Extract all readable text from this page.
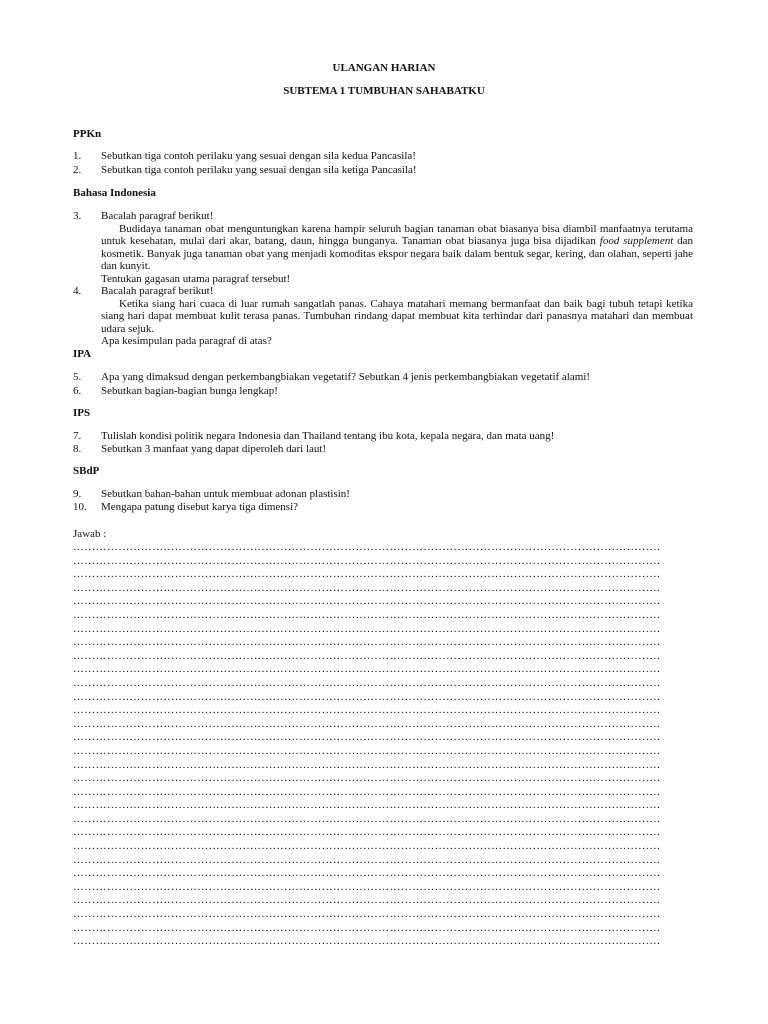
ULANGAN HARIAN
SUBTEMA 1 TUMBUHAN SAHABATKU
PPKn
1.	Sebutkan tiga contoh perilaku yang sesuai dengan sila kedua Pancasila!
2.	Sebutkan tiga contoh perilaku yang sesuai dengan sila ketiga Pancasila!
Bahasa Indonesia
3.	Bacalah paragraf berikut!
Budidaya tanaman obat menguntungkan karena hampir seluruh bagian tanaman obat biasanya bisa diambil manfaatnya terutama untuk kesehatan, mulai dari akar, batang, daun, hingga bunganya. Tanaman obat biasanya juga bisa dijadikan food supplement dan kosmetik. Banyak juga tanaman obat yang menjadi komoditas ekspor negara baik dalam bentuk segar, kering, dan olahan, seperti jahe dan kunyit.
Tentukan gagasan utama paragraf tersebut!
4.	Bacalah paragraf berikut!
Ketika siang hari cuaca di luar rumah sangatlah panas. Cahaya matahari memang bermanfaat dan baik bagi tubuh tetapi ketika siang hari dapat membuat kulit terasa panas. Tumbuhan rindang dapat membuat kita terhindar dari panasnya matahari dan membuat udara sejuk.
Apa kesimpulan pada paragraf di atas?
IPA
5.	Apa yang dimaksud dengan perkembangbiakan vegetatif? Sebutkan 4 jenis perkembangbiakan vegetatif alami!
6.	Sebutkan bagian-bagian bunga lengkap!
IPS
7.	Tulislah kondisi politik negara Indonesia dan Thailand tentang ibu kota, kepala negara, dan mata uang!
8.	Sebutkan 3 manfaat yang dapat diperoleh dari laut!
SBdP
9.	Sebutkan bahan-bahan untuk membuat adonan plastisin!
10.	Mengapa patung disebut karya tiga dimensi?
Jawab :
…………………………………………………………………………………………………………………………………………
…………………………………………………………………………………………………………………………………………
…………………………………………………………………………………………………………………………………………
…………………………………………………………………………………………………………………………………………
…………………………………………………………………………………………………………………………………………
…………………………………………………………………………………………………………………………………………
…………………………………………………………………………………………………………………………………………
…………………………………………………………………………………………………………………………………………
…………………………………………………………………………………………………………………………………………
…………………………………………………………………………………………………………………………………………
…………………………………………………………………………………………………………………………………………
…………………………………………………………………………………………………………………………………………
…………………………………………………………………………………………………………………………………………
…………………………………………………………………………………………………………………………………………
…………………………………………………………………………………………………………………………………………
…………………………………………………………………………………………………………………………………………
…………………………………………………………………………………………………………………………………………
…………………………………………………………………………………………………………………………………………
…………………………………………………………………………………………………………………………………………
…………………………………………………………………………………………………………………………………………
…………………………………………………………………………………………………………………………………………
…………………………………………………………………………………………………………………………………………
…………………………………………………………………………………………………………………………………………
…………………………………………………………………………………………………………………………………………
…………………………………………………………………………………………………………………………………………
…………………………………………………………………………………………………………………………………………
…………………………………………………………………………………………………………………………………………
…………………………………………………………………………………………………………………………………………
…………………………………………………………………………………………………………………………………………
…………………………………………………………………………………………………………………………………………
